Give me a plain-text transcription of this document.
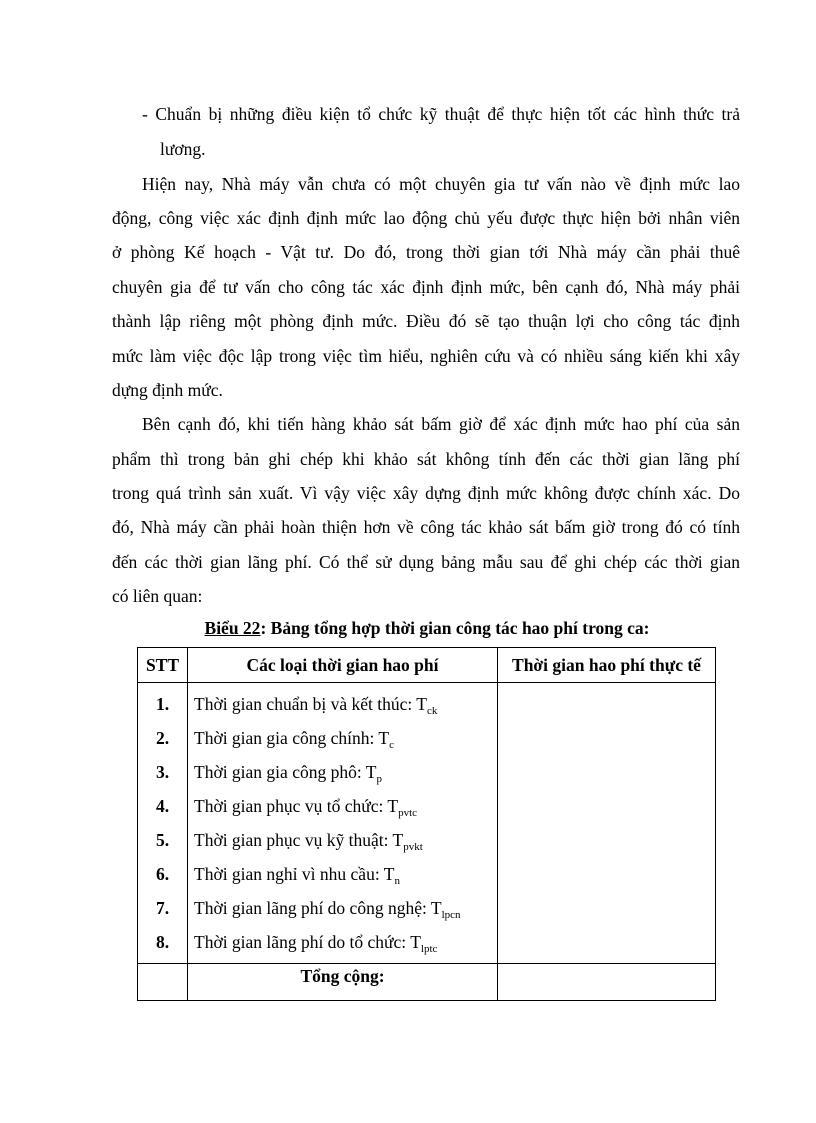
- Chuẩn bị những điều kiện tổ chức kỹ thuật để thực hiện tốt các hình thức trả
lương.
Hiện nay, Nhà máy vẫn chưa có một chuyên gia tư vấn nào về định mức lao
động, công việc xác định định mức lao động chủ yếu được thực hiện bởi nhân viên
ở phòng Kế hoạch - Vật tư. Do đó, trong thời gian tới Nhà máy cần phải thuê
chuyên gia để tư vấn cho công tác xác định định mức, bên cạnh đó, Nhà máy phải
thành lập riêng một phòng định mức. Điều đó sẽ tạo thuận lợi cho công tác định
mức làm việc độc lập trong việc tìm hiểu, nghiên cứu và có nhiều sáng kiến khi xây
dựng định mức.
Bên cạnh đó, khi tiến hàng khảo sát bấm giờ để xác định mức hao phí của sản
phẩm thì trong bản ghi chép khi khảo sát không tính đến các thời gian lãng phí
trong quá trình sản xuất. Vì vậy việc xây dựng định mức không được chính xác. Do
đó, Nhà máy cần phải hoàn thiện hơn về công tác khảo sát bấm giờ trong đó có tính
đến các thời gian lãng phí. Có thể sử dụng bảng mẫu sau để ghi chép các thời gian
có liên quan:
Biểu 22: Bảng tổng hợp thời gian công tác hao phí trong ca:
STT	Các loại thời gian hao phí	Thời gian hao phí thực tế
1.	Thời gian chuẩn bị và kết thúc: $T_{ck}$	
2.	Thời gian gia công chính: $T_c$	
3.	Thời gian gia công phô: $T_p$	
4.	Thời gian phục vụ tổ chức: $T_{pvtc}$	
5.	Thời gian phục vụ kỹ thuật: $T_{pvkt}$	
6.	Thời gian nghỉ vì nhu cầu: $T_n$	
7.	Thời gian lãng phí do công nghệ: $T_{lpcn}$	
8.	Thời gian lãng phí do tổ chức: $T_{lptc}$	
	Tổng cộng:	
